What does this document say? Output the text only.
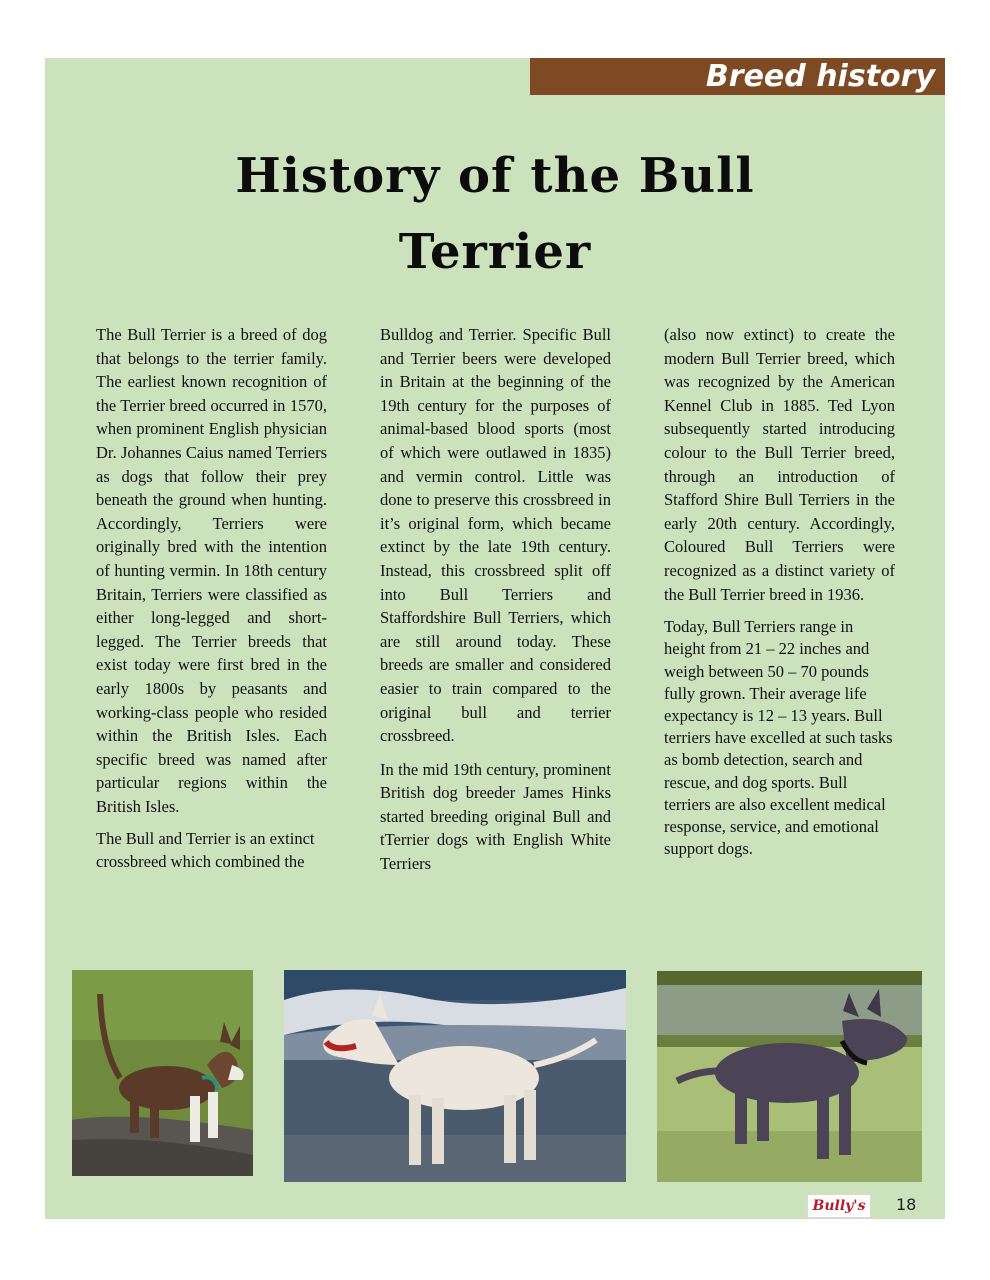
Breed history
History of the Bull
Terrier

The Bull Terrier is a breed of dog that belongs to the terrier family. The earliest known recognition of the Terrier breed occurred in 1570, when prominent English physician Dr. Johannes Caius named Terriers as dogs that follow their prey beneath the ground when hunting. Accordingly, Terriers were originally bred with the intention of hunting vermin. In 18th century Britain, Terriers were classified as either long-legged and short-legged. The Terrier breeds that exist today were first bred in the early 1800s by peasants and working-class people who resided within the British Isles. Each specific breed was named after particular regions within the British Isles.

The Bull and Terrier is an extinct crossbreed which combined the

Bulldog and Terrier. Specific Bull and Terrier beers were developed in Britain at the beginning of the 19th century for the purposes of animal-based blood sports (most of which were outlawed in 1835) and vermin control. Little was done to preserve this crossbreed in it’s original form, which became extinct by the late 19th century. Instead, this crossbreed split off into Bull Terriers and Staffordshire Bull Terriers, which are still around today. These breeds are smaller and considered easier to train compared to the original bull and terrier crossbreed.

In the mid 19th century, prominent British dog breeder James Hinks started breeding original Bull and tTerrier dogs with English White Terriers

(also now extinct) to create the modern Bull Terrier breed, which was recognized by the American Kennel Club in 1885. Ted Lyon subsequently started introducing colour to the Bull Terrier breed, through an introduction of Stafford Shire Bull Terriers in the early 20th century. Accordingly, Coloured Bull Terriers were recognized as a distinct variety of the Bull Terrier breed in 1936.

Today, Bull Terriers range in height from 21 – 22 inches and weigh between 50 – 70 pounds fully grown. Their average life expectancy is 12 – 13 years. Bull terriers have excelled at such tasks as bomb detection, search and rescue, and dog sports. Bull terriers are also excellent medical response, service, and emotional support dogs.

Bully's	18
